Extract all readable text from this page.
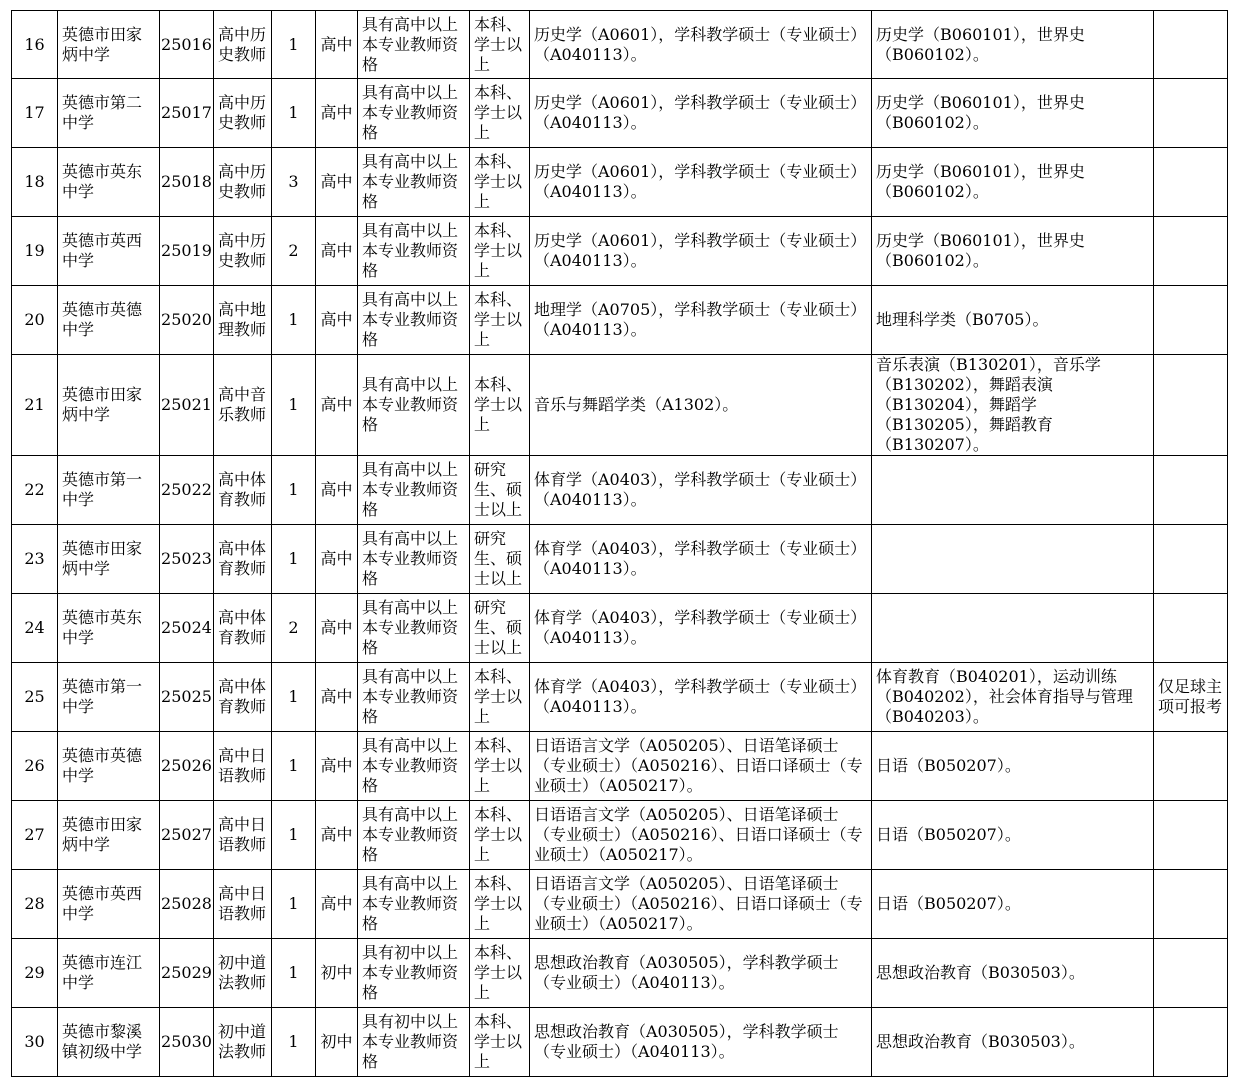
16	英德市田家炳中学	25016	高中历史教师	1	高中	具有高中以上本专业教师资格	本科、学士以上	历史学（A0601），学科教学硕士（专业硕士）（A040113）。	历史学（B060101），世界史（B060102）。	
17	英德市第二中学	25017	高中历史教师	1	高中	具有高中以上本专业教师资格	本科、学士以上	历史学（A0601），学科教学硕士（专业硕士）（A040113）。	历史学（B060101），世界史（B060102）。	
18	英德市英东中学	25018	高中历史教师	3	高中	具有高中以上本专业教师资格	本科、学士以上	历史学（A0601），学科教学硕士（专业硕士）（A040113）。	历史学（B060101），世界史（B060102）。	
19	英德市英西中学	25019	高中历史教师	2	高中	具有高中以上本专业教师资格	本科、学士以上	历史学（A0601），学科教学硕士（专业硕士）（A040113）。	历史学（B060101），世界史（B060102）。	
20	英德市英德中学	25020	高中地理教师	1	高中	具有高中以上本专业教师资格	本科、学士以上	地理学（A0705），学科教学硕士（专业硕士）（A040113）。	地理科学类（B0705）。	
21	英德市田家炳中学	25021	高中音乐教师	1	高中	具有高中以上本专业教师资格	本科、学士以上	音乐与舞蹈学类（A1302）。	音乐表演（B130201），音乐学（B130202），舞蹈表演（B130204），舞蹈学（B130205），舞蹈教育（B130207）。	
22	英德市第一中学	25022	高中体育教师	1	高中	具有高中以上本专业教师资格	研究生、硕士以上	体育学（A0403），学科教学硕士（专业硕士）（A040113）。		
23	英德市田家炳中学	25023	高中体育教师	1	高中	具有高中以上本专业教师资格	研究生、硕士以上	体育学（A0403），学科教学硕士（专业硕士）（A040113）。		
24	英德市英东中学	25024	高中体育教师	2	高中	具有高中以上本专业教师资格	研究生、硕士以上	体育学（A0403），学科教学硕士（专业硕士）（A040113）。		
25	英德市第一中学	25025	高中体育教师	1	高中	具有高中以上本专业教师资格	本科、学士以上	体育学（A0403），学科教学硕士（专业硕士）（A040113）。	体育教育（B040201），运动训练（B040202），社会体育指导与管理（B040203）。	仅足球主项可报考
26	英德市英德中学	25026	高中日语教师	1	高中	具有高中以上本专业教师资格	本科、学士以上	日语语言文学（A050205）、日语笔译硕士（专业硕士）（A050216）、日语口译硕士（专业硕士）（A050217）。	日语（B050207）。	
27	英德市田家炳中学	25027	高中日语教师	1	高中	具有高中以上本专业教师资格	本科、学士以上	日语语言文学（A050205）、日语笔译硕士（专业硕士）（A050216）、日语口译硕士（专业硕士）（A050217）。	日语（B050207）。	
28	英德市英西中学	25028	高中日语教师	1	高中	具有高中以上本专业教师资格	本科、学士以上	日语语言文学（A050205）、日语笔译硕士（专业硕士）（A050216）、日语口译硕士（专业硕士）（A050217）。	日语（B050207）。	
29	英德市连江中学	25029	初中道法教师	1	初中	具有初中以上本专业教师资格	本科、学士以上	思想政治教育（A030505），学科教学硕士（专业硕士）（A040113）。	思想政治教育（B030503）。	
30	英德市黎溪镇初级中学	25030	初中道法教师	1	初中	具有初中以上本专业教师资格	本科、学士以上	思想政治教育（A030505），学科教学硕士（专业硕士）（A040113）。	思想政治教育（B030503）。	
